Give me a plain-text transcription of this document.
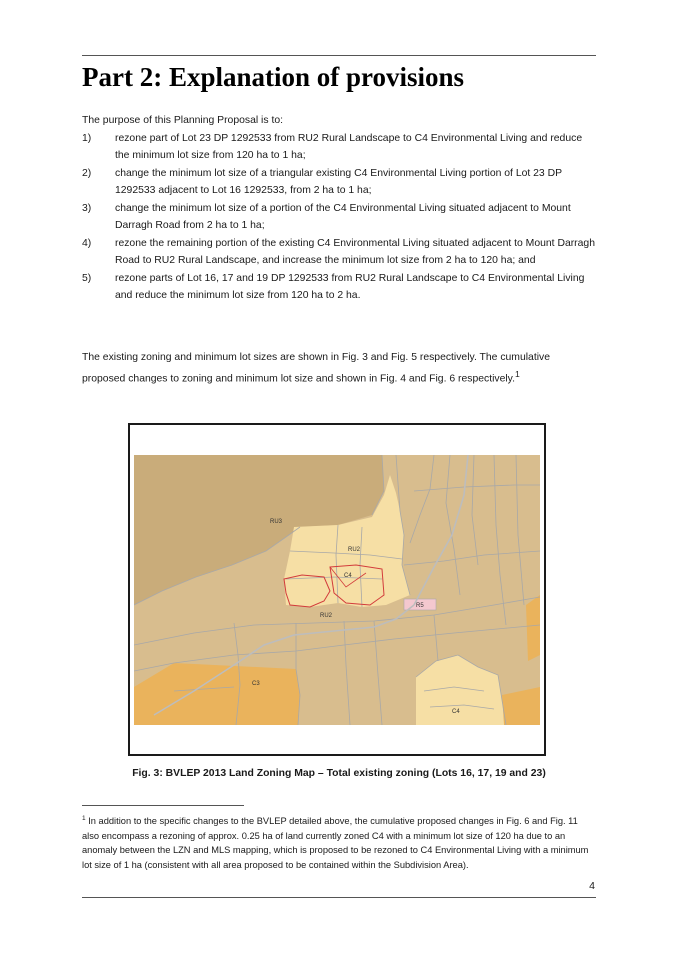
Part 2: Explanation of provisions
The purpose of this Planning Proposal is to:
1)	rezone part of Lot 23 DP 1292533 from RU2 Rural Landscape to C4 Environmental Living and reduce the minimum lot size from 120 ha to 1 ha;
2)	change the minimum lot size of a triangular existing C4 Environmental Living portion of Lot 23 DP 1292533 adjacent to Lot 16 1292533, from 2 ha to 1 ha;
3)	change the minimum lot size of a portion of the C4 Environmental Living situated adjacent to Mount Darragh Road from 2 ha to 1 ha;
4)	rezone the remaining portion of the existing C4 Environmental Living situated adjacent to Mount Darragh Road to RU2 Rural Landscape, and increase the minimum lot size from 2 ha to 120 ha; and
5)	rezone parts of Lot 16, 17 and 19 DP 1292533 from RU2 Rural Landscape to C4 Environmental Living and reduce the minimum lot size from 120 ha to 2 ha.
The existing zoning and minimum lot sizes are shown in Fig. 3 and Fig. 5 respectively. The cumulative proposed changes to zoning and minimum lot size and shown in Fig. 4 and Fig. 6 respectively.$^1$
RU3
RU2
C4
R5
RU2
C3
C4
Fig. 3: BVLEP 2013 Land Zoning Map – Total existing zoning (Lots 16, 17, 19 and 23)
$^1$ In addition to the specific changes to the BVLEP detailed above, the cumulative proposed changes in Fig. 6 and Fig. 11 also encompass a rezoning of approx. 0.25 ha of land currently zoned C4 with a minimum lot size of 120 ha due to an anomaly between the LZN and MLS mapping, which is proposed to be rezoned to C4 Environmental Living with a minimum lot size of 1 ha (consistent with all area proposed to be contained within the Subdivision Area).
4
